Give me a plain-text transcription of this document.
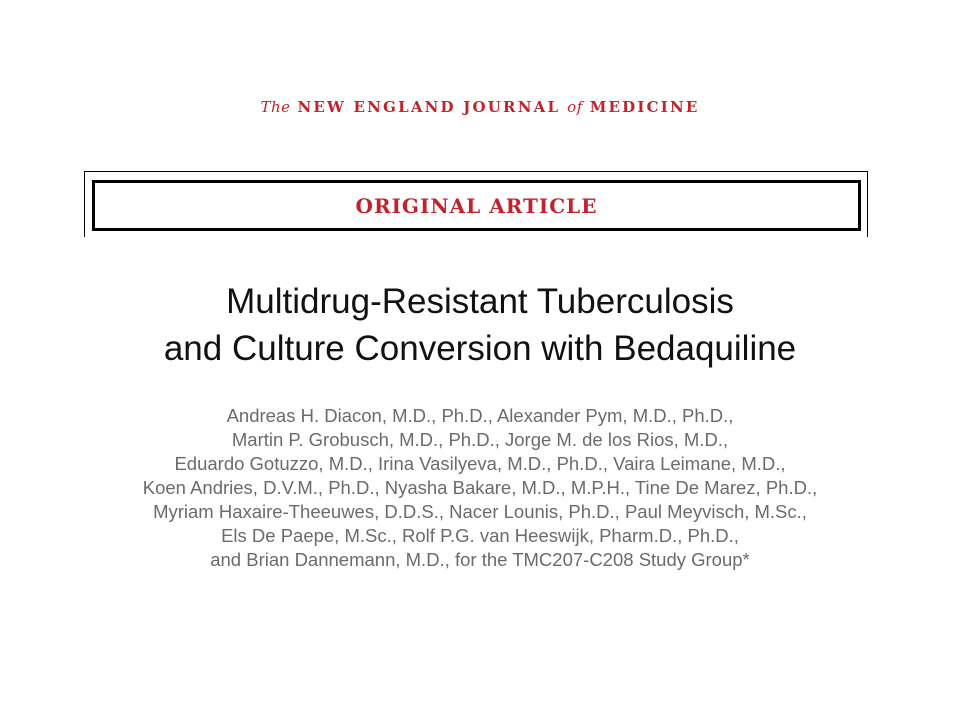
The NEW ENGLAND JOURNAL of MEDICINE
ORIGINAL ARTICLE
Multidrug-Resistant Tuberculosis
and Culture Conversion with Bedaquiline
Andreas H. Diacon, M.D., Ph.D., Alexander Pym, M.D., Ph.D.,
Martin P. Grobusch, M.D., Ph.D., Jorge M. de los Rios, M.D.,
Eduardo Gotuzzo, M.D., Irina Vasilyeva, M.D., Ph.D., Vaira Leimane, M.D.,
Koen Andries, D.V.M., Ph.D., Nyasha Bakare, M.D., M.P.H., Tine De Marez, Ph.D.,
Myriam Haxaire-Theeuwes, D.D.S., Nacer Lounis, Ph.D., Paul Meyvisch, M.Sc.,
Els De Paepe, M.Sc., Rolf P.G. van Heeswijk, Pharm.D., Ph.D.,
and Brian Dannemann, M.D., for the TMC207-C208 Study Group*
